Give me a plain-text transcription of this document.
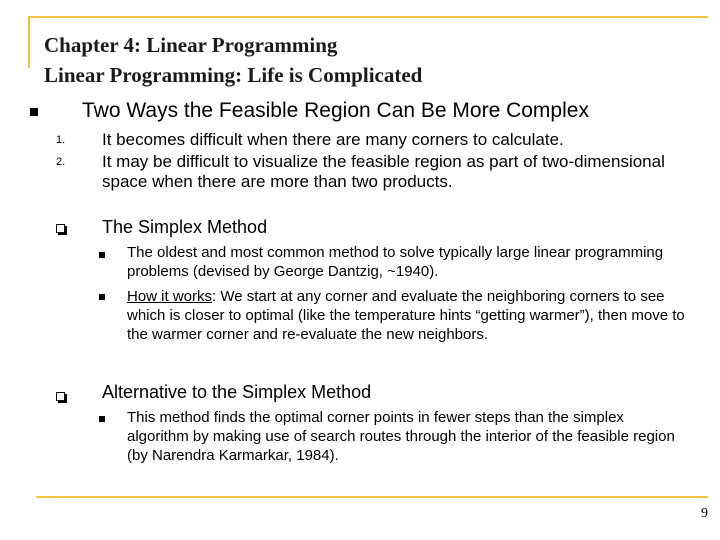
Chapter 4: Linear Programming
Linear Programming: Life is Complicated
Two Ways the Feasible Region Can Be More Complex
1. It becomes difficult when there are many corners to calculate.
2. It may be difficult to visualize the feasible region as part of two-dimensional space when there are more than two products.
The Simplex Method
The oldest and most common method to solve typically large linear programming problems (devised by George Dantzig, ~1940).
How it works: We start at any corner and evaluate the neighboring corners to see which is closer to optimal (like the temperature hints “getting warmer”), then move to the warmer corner and re-evaluate the new neighbors.
Alternative to the Simplex Method
This method finds the optimal corner points in fewer steps than the simplex algorithm by making use of search routes through the interior of the feasible region (by Narendra Karmarkar, 1984).
9
